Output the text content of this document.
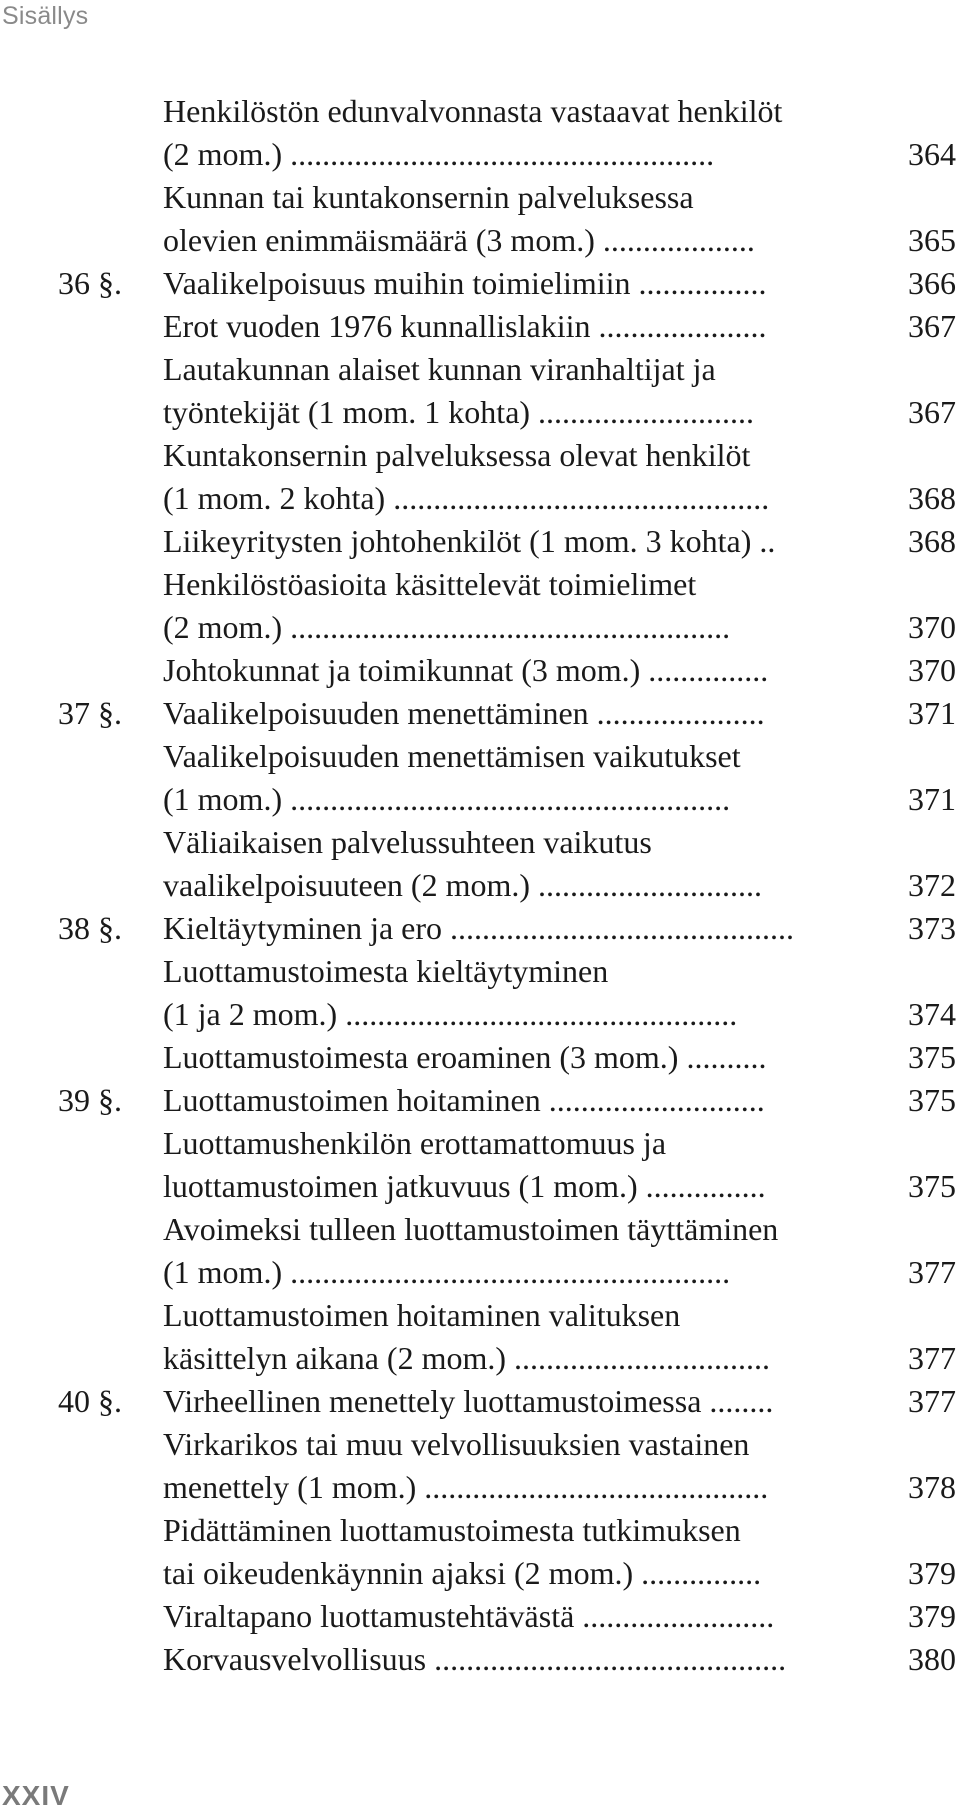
Sisällys
Henkilöstön edunvalvonnasta vastaavat henkilöt
(2 mom.) .....................................................	364
Kunnan tai kuntakonsernin palveluksessa
olevien enimmäismäärä (3 mom.) ...................	365
36 §.	Vaalikelpoisuus muihin toimielimiin ................	366
Erot vuoden 1976 kunnallislakiin .....................	367
Lautakunnan alaiset kunnan viranhaltijat ja
työntekijät (1 mom. 1 kohta) ...........................	367
Kuntakonsernin palveluksessa olevat henkilöt
(1 mom. 2 kohta) ...............................................	368
Liikeyritysten johtohenkilöt (1 mom. 3 kohta) ..	368
Henkilöstöasioita käsittelevät toimielimet
(2 mom.) .......................................................	370
Johtokunnat ja toimikunnat (3 mom.) ...............	370
37 §.	Vaalikelpoisuuden menettäminen .....................	371
Vaalikelpoisuuden menettämisen vaikutukset
(1 mom.) .......................................................	371
Väliaikaisen palvelussuhteen vaikutus
vaalikelpoisuuteen (2 mom.) ............................	372
38 §.	Kieltäytyminen ja ero ...........................................	373
Luottamustoimesta kieltäytyminen
(1 ja 2 mom.) .................................................	374
Luottamustoimesta eroaminen (3 mom.) ..........	375
39 §.	Luottamustoimen hoitaminen ...........................	375
Luottamushenkilön erottamattomuus ja
luottamustoimen jatkuvuus (1 mom.) ...............	375
Avoimeksi tulleen luottamustoimen täyttäminen
(1 mom.) .......................................................	377
Luottamustoimen hoitaminen valituksen
käsittelyn aikana (2 mom.) ................................	377
40 §.	Virheellinen menettely luottamustoimessa ........	377
Virkarikos tai muu velvollisuuksien vastainen
menettely (1 mom.) ...........................................	378
Pidättäminen luottamustoimesta tutkimuksen
tai oikeudenkäynnin ajaksi (2 mom.) ...............	379
Viraltapano luottamustehtävästä ........................	379
Korvausvelvollisuus ............................................	380
XXIV
